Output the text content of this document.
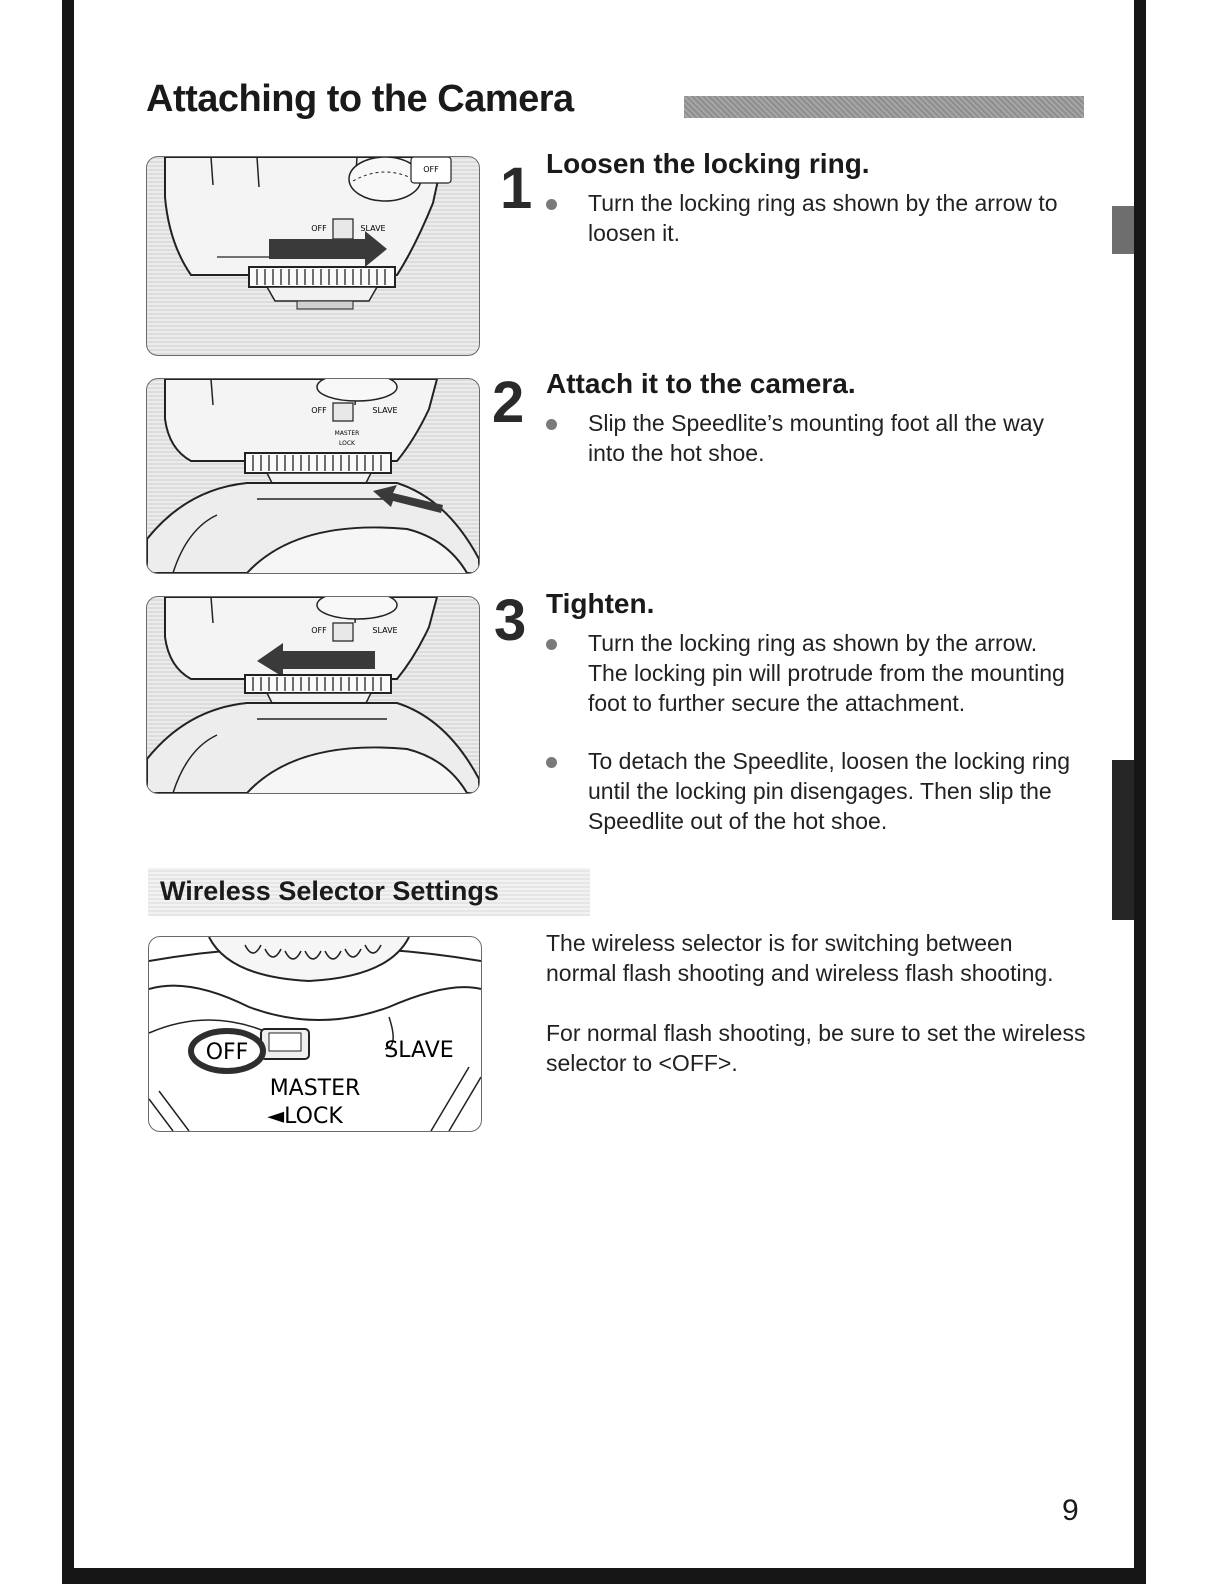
Attaching to the Camera
OFF
OFF	SLAVE
1 Loosen the locking ring.
Turn the locking ring as shown by the arrow to loosen it.
OFF	SLAVE
MASTER
LOCK
2 Attach it to the camera.
Slip the Speedlite’s mounting foot all the way into the hot shoe.
OFF	SLAVE 3 Tighten.
Turn the locking ring as shown by the arrow. The locking pin will protrude from the mounting foot to further secure the attachment.
To detach the Speedlite, loosen the locking ring until the locking pin disengages. Then slip the Speedlite out of the hot shoe.
Wireless Selector Settings
OFF	SLAVE
MASTER
◄LOCK
The wireless selector is for switching between normal flash shooting and wireless flash shooting.
For normal flash shooting, be sure to set the wireless selector to <OFF>.
9
